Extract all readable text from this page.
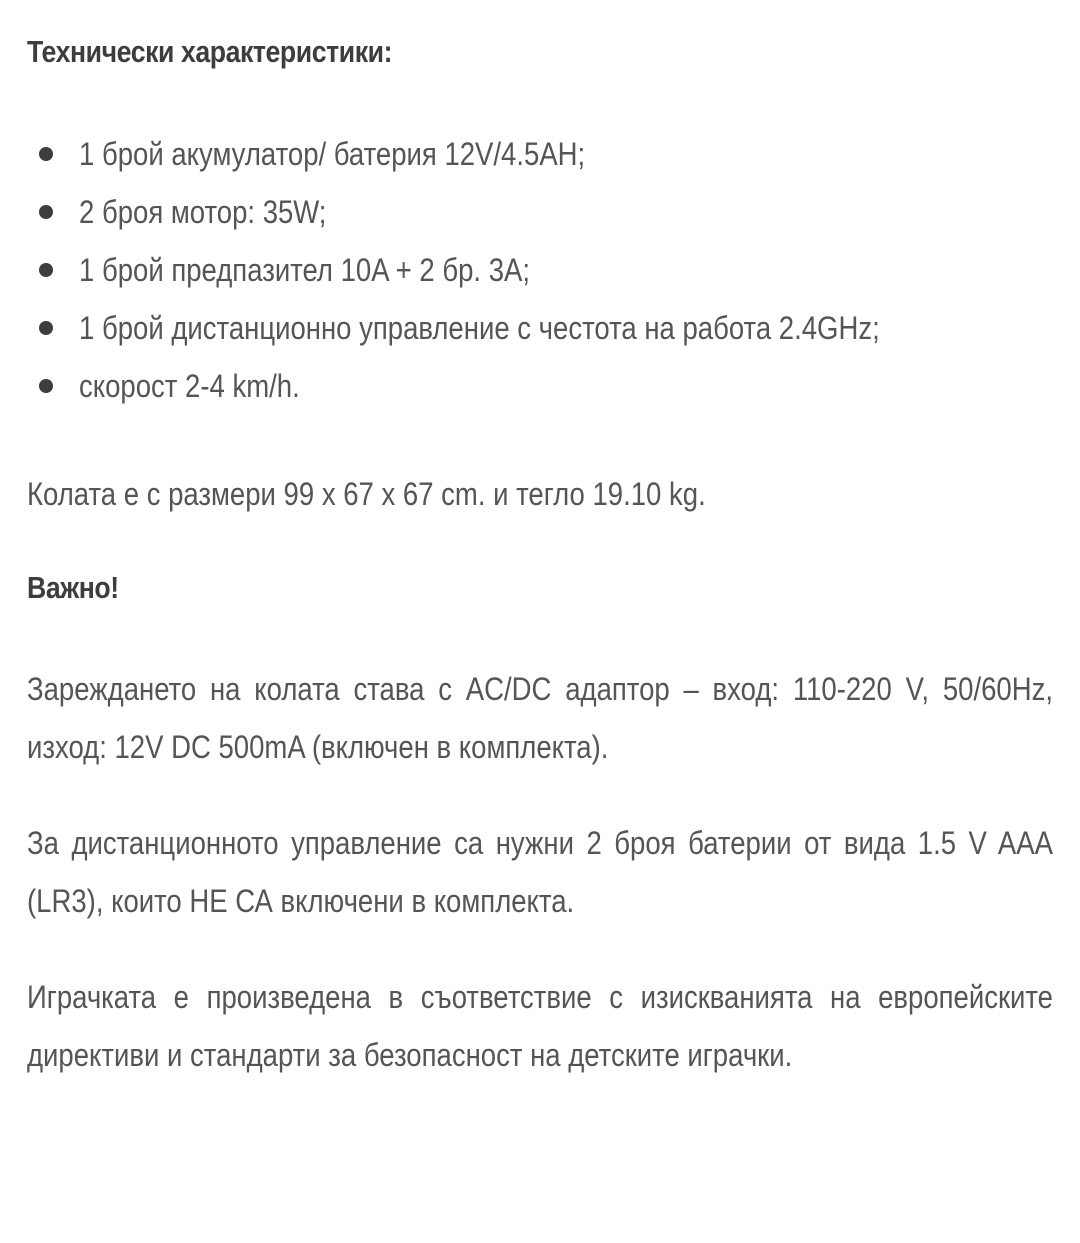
Технически характеристики:
1 брой акумулатор/ батерия 12V/4.5AH;
2 броя мотор: 35W;
1 брой предпазител 10A + 2 бр. 3A;
1 брой дистанционно управление с честота на работа 2.4GHz;
скорост 2-4 km/h.

Колата е с размери 99 x 67 x 67 cm. и тегло 19.10 kg.

Важно!

Зареждането на колата става с AC/DC адаптор – вход: 110-220 V, 50/60Hz, изход: 12V DC 500mA (включен в комплекта).

За дистанционното управление са нужни 2 броя батерии от вида 1.5 V AAA (LR3), които НЕ СА включени в комплекта.

Играчката е произведена в съответствие с изискванията на европейските директиви и стандарти за безопасност на детските играчки.
